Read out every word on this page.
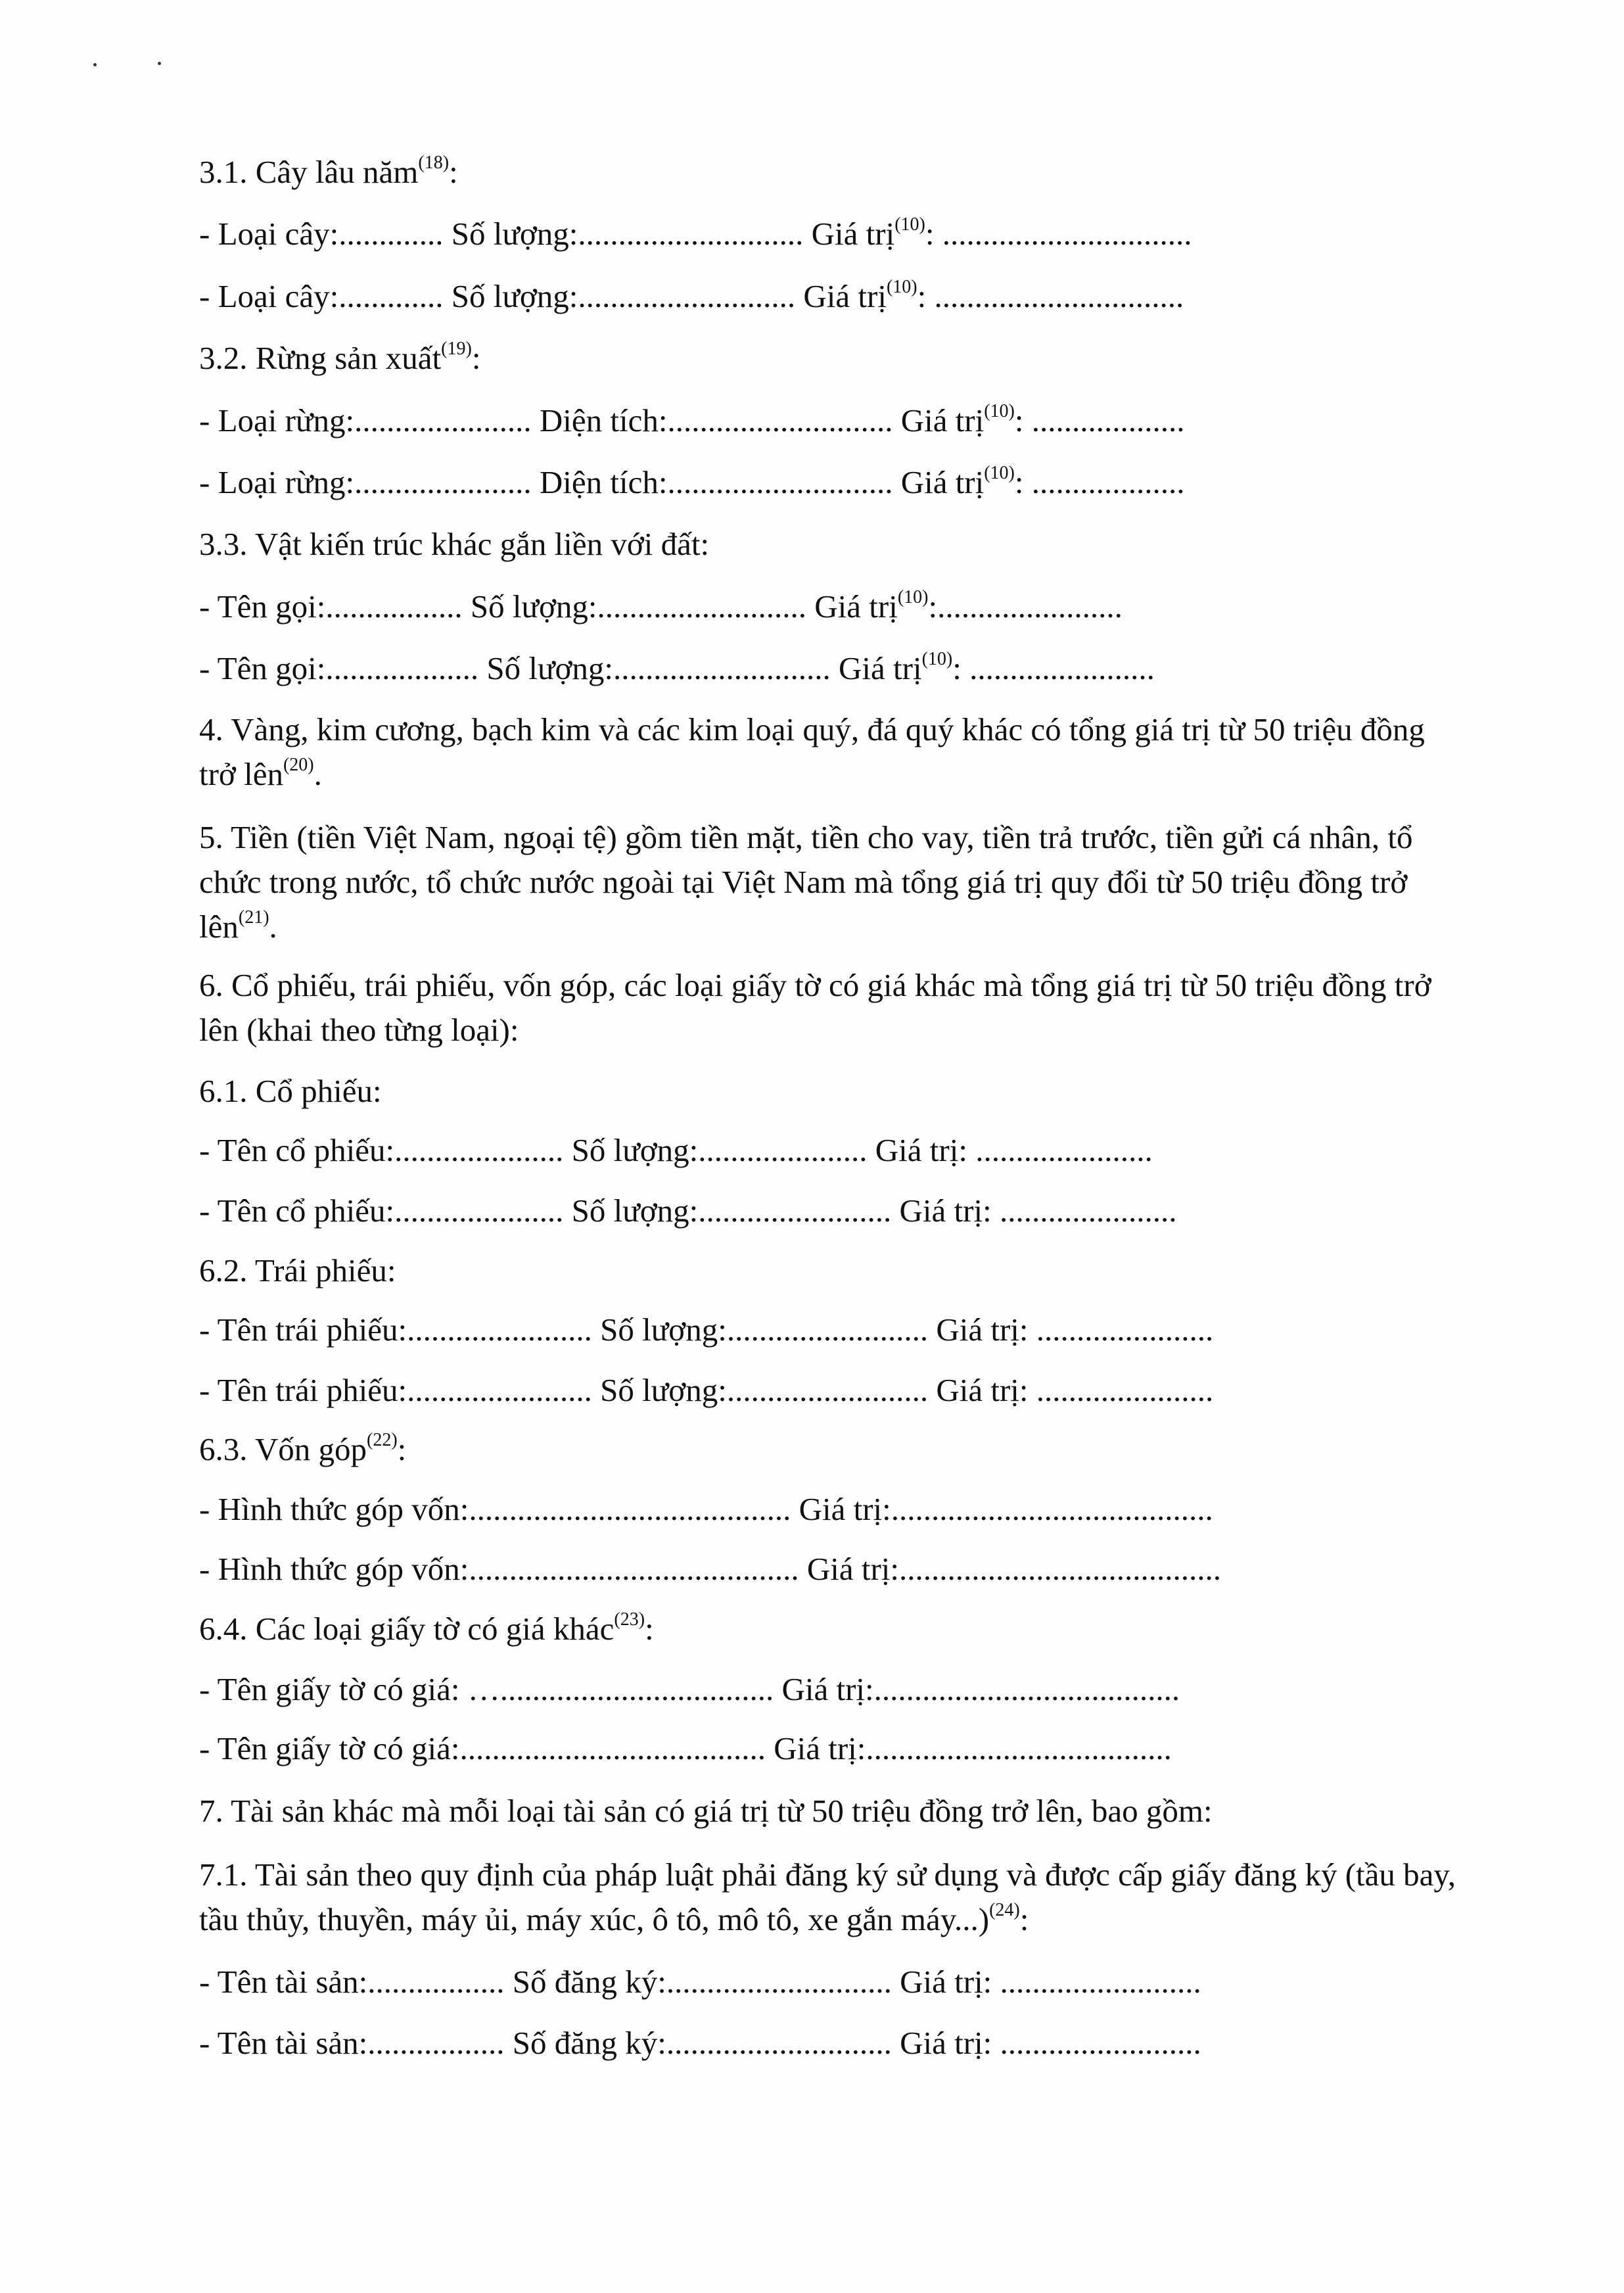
3.1. Cây lâu năm$^{(18)}$:
- Loại cây:............. Số lượng:............................ Giá trị$^{(10)}$: ...............................
- Loại cây:............. Số lượng:........................... Giá trị$^{(10)}$: ...............................
3.2. Rừng sản xuất$^{(19)}$:
- Loại rừng:...................... Diện tích:............................ Giá trị$^{(10)}$: ...................
- Loại rừng:...................... Diện tích:............................ Giá trị$^{(10)}$: ...................
3.3. Vật kiến trúc khác gắn liền với đất:
- Tên gọi:................. Số lượng:.......................... Giá trị$^{(10)}$:.......................
- Tên gọi:................... Số lượng:........................... Giá trị$^{(10)}$: .......................
4. Vàng, kim cương, bạch kim và các kim loại quý, đá quý khác có tổng giá trị từ 50 triệu đồng trở lên$^{(20)}$.
5. Tiền (tiền Việt Nam, ngoại tệ) gồm tiền mặt, tiền cho vay, tiền trả trước, tiền gửi cá nhân, tổ chức trong nước, tổ chức nước ngoài tại Việt Nam mà tổng giá trị quy đổi từ 50 triệu đồng trở lên$^{(21)}$.
6. Cổ phiếu, trái phiếu, vốn góp, các loại giấy tờ có giá khác mà tổng giá trị từ 50 triệu đồng trở lên (khai theo từng loại):
6.1. Cổ phiếu:
- Tên cổ phiếu:..................... Số lượng:..................... Giá trị: ......................
- Tên cổ phiếu:..................... Số lượng:........................ Giá trị: ......................
6.2. Trái phiếu:
- Tên trái phiếu:....................... Số lượng:......................... Giá trị: ......................
- Tên trái phiếu:....................... Số lượng:......................... Giá trị: ......................
6.3. Vốn góp$^{(22)}$:
- Hình thức góp vốn:........................................ Giá trị:........................................
- Hình thức góp vốn:......................................... Giá trị:........................................
6.4. Các loại giấy tờ có giá khác$^{(23)}$:
- Tên giấy tờ có giá: ….................................. Giá trị:......................................
- Tên giấy tờ có giá:...................................... Giá trị:......................................
7. Tài sản khác mà mỗi loại tài sản có giá trị từ 50 triệu đồng trở lên, bao gồm:
7.1. Tài sản theo quy định của pháp luật phải đăng ký sử dụng và được cấp giấy đăng ký (tầu bay, tầu thủy, thuyền, máy ủi, máy xúc, ô tô, mô tô, xe gắn máy...)$^{(24)}$:
- Tên tài sản:................. Số đăng ký:............................ Giá trị: .........................
- Tên tài sản:................. Số đăng ký:............................ Giá trị: .........................
